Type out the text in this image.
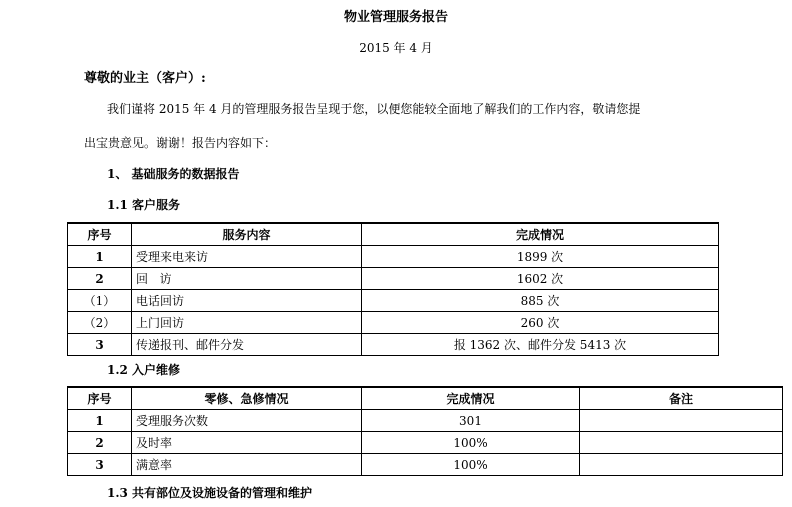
物业管理服务报告
2015 年 4 月
尊敬的业主（客户）:
我们谨将 2015 年 4 月的管理服务报告呈现于您，以便您能较全面地了解我们的工作内容，敬请您提
出宝贵意见。谢谢！报告内容如下：
1、 基础服务的数据报告
1.1 客户服务
序号	服务内容	完成情况
1	受理来电来访	1899 次
2	回   访	1602 次
（1）	电话回访	885 次
（2）	上门回访	260 次
3	传递报刊、邮件分发	报 1362 次、邮件分发 5413 次
1.2 入户维修
序号	零修、急修情况	完成情况	备注
1	受理服务次数	301	
2	及时率	100%	
3	满意率	100%	
1.3 共有部位及设施设备的管理和维护
